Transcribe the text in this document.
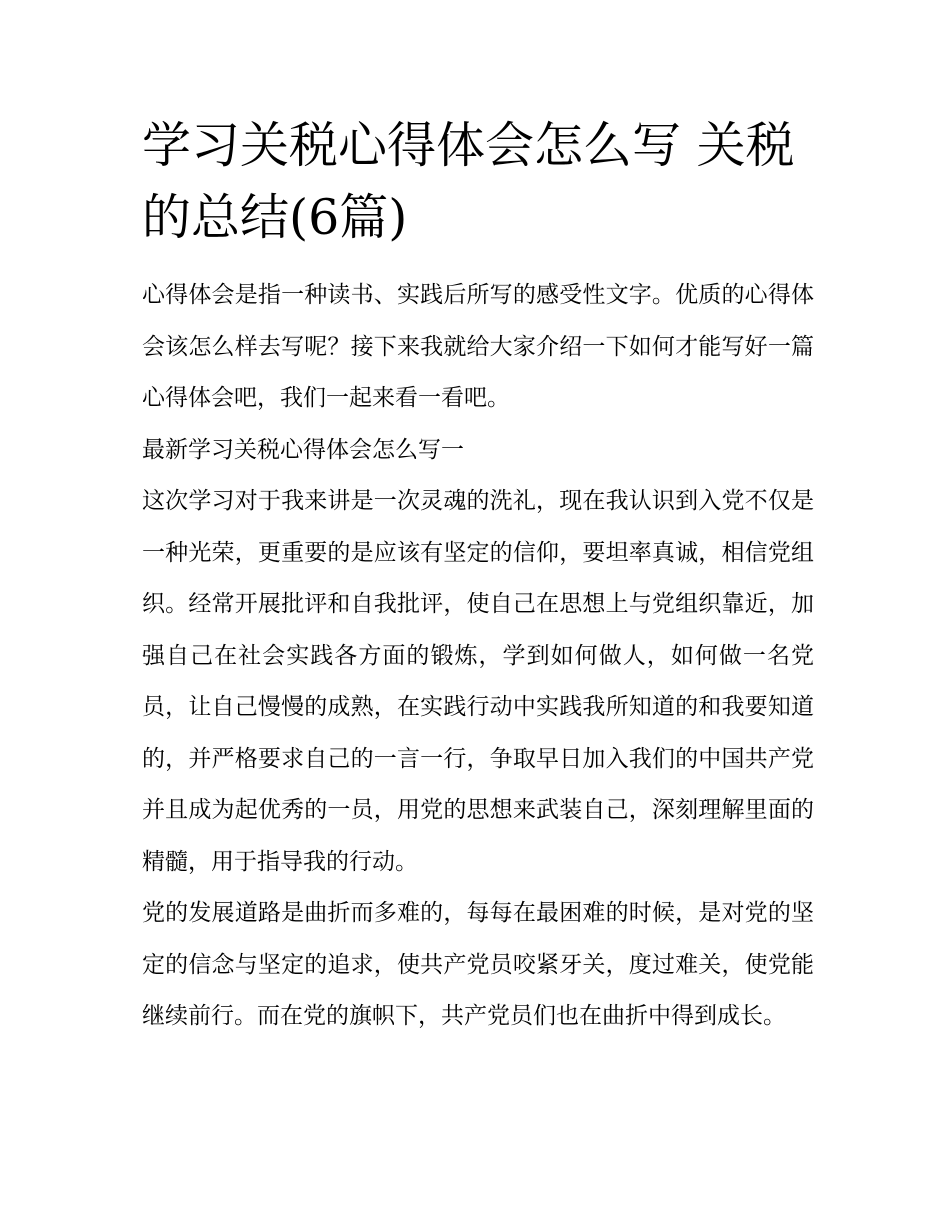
学习关税心得体会怎么写 关税的总结(6篇)

心得体会是指一种读书、实践后所写的感受性文字。优质的心得体会该怎么样去写呢？接下来我就给大家介绍一下如何才能写好一篇心得体会吧，我们一起来看一看吧。

最新学习关税心得体会怎么写一

这次学习对于我来讲是一次灵魂的洗礼，现在我认识到入党不仅是一种光荣，更重要的是应该有坚定的信仰，要坦率真诚，相信党组织。经常开展批评和自我批评，使自己在思想上与党组织靠近，加强自己在社会实践各方面的锻炼，学到如何做人，如何做一名党员，让自己慢慢的成熟，在实践行动中实践我所知道的和我要知道的，并严格要求自己的一言一行，争取早日加入我们的中国共产党并且成为起优秀的一员，用党的思想来武装自己，深刻理解里面的精髓，用于指导我的行动。

党的发展道路是曲折而多难的，每每在最困难的时候，是对党的坚定的信念与坚定的追求，使共产党员咬紧牙关，度过难关，使党能继续前行。而在党的旗帜下，共产党员们也在曲折中得到成长。
